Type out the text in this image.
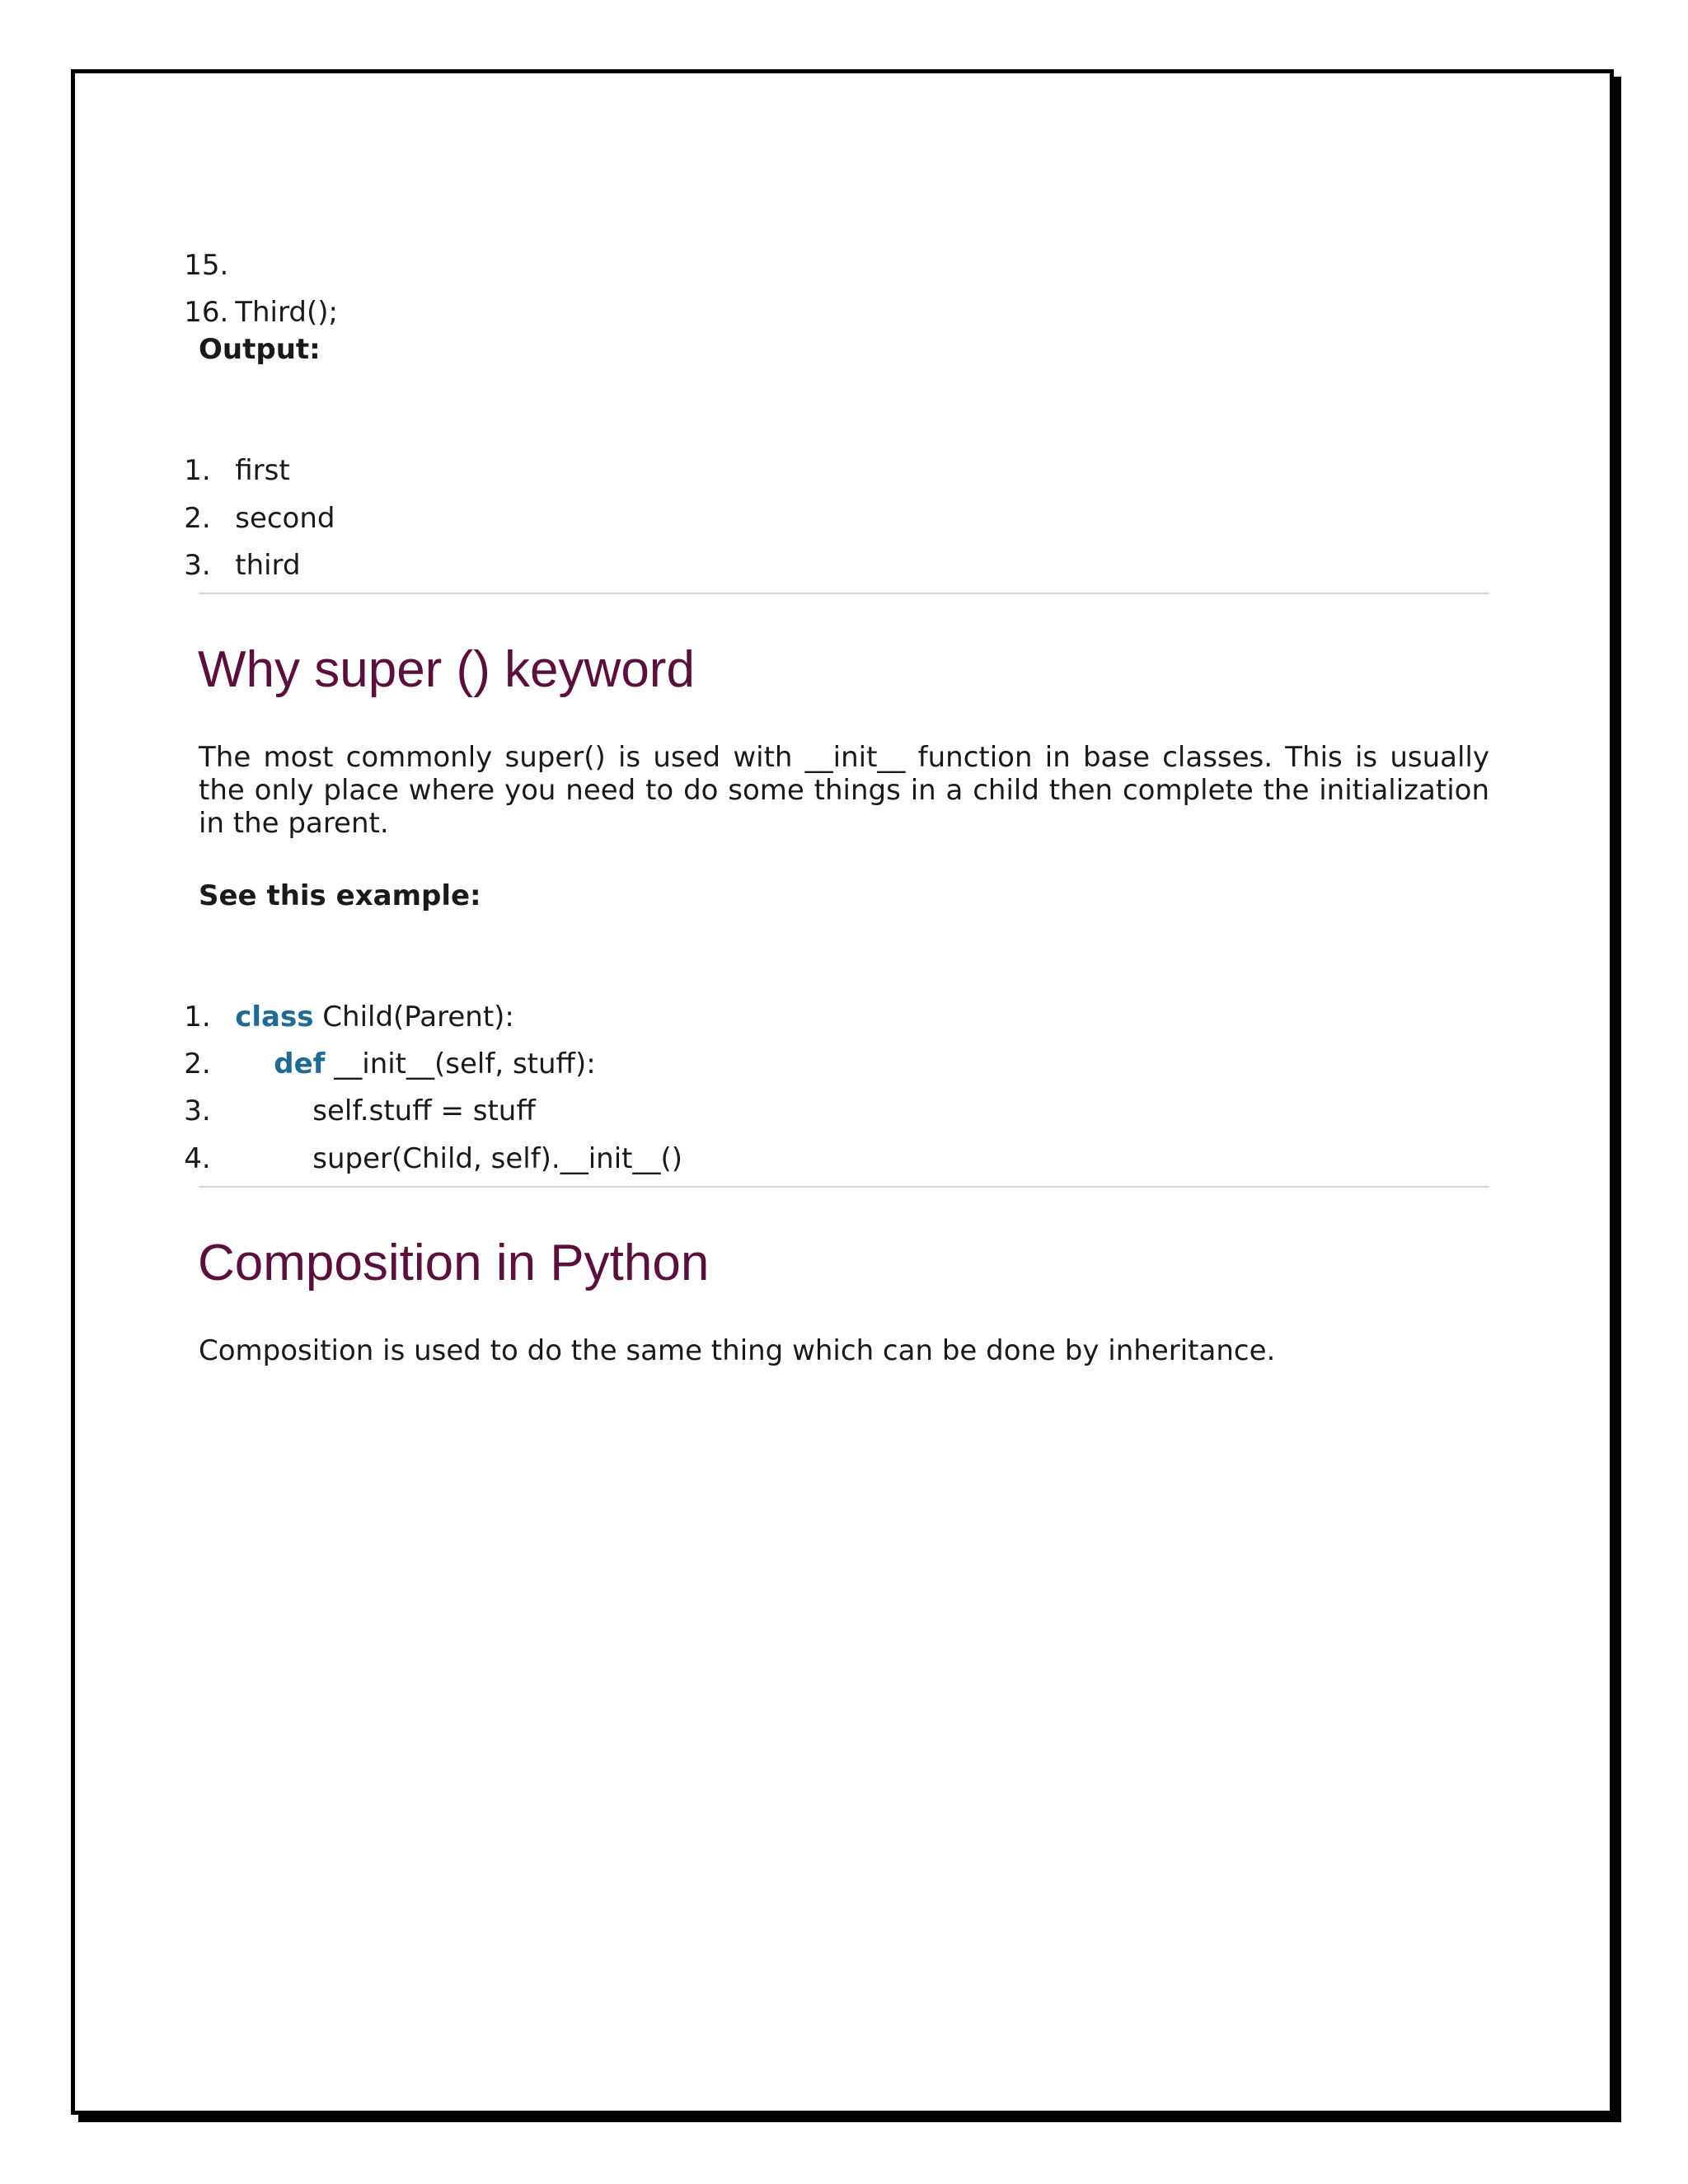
15.

16. Third();

Output:

1. first

2. second

3. third

Why super () keyword

The most commonly super() is used with __init__ function in base classes. This is usually the only place where you need to do some things in a child then complete the initialization in the parent.

See this example:

1. class Child(Parent):

2. def __init__(self, stuff):

3.	self.stuff = stuff

4.	super(Child, self).__init__()

Composition in Python

Composition is used to do the same thing which can be done by inheritance.
